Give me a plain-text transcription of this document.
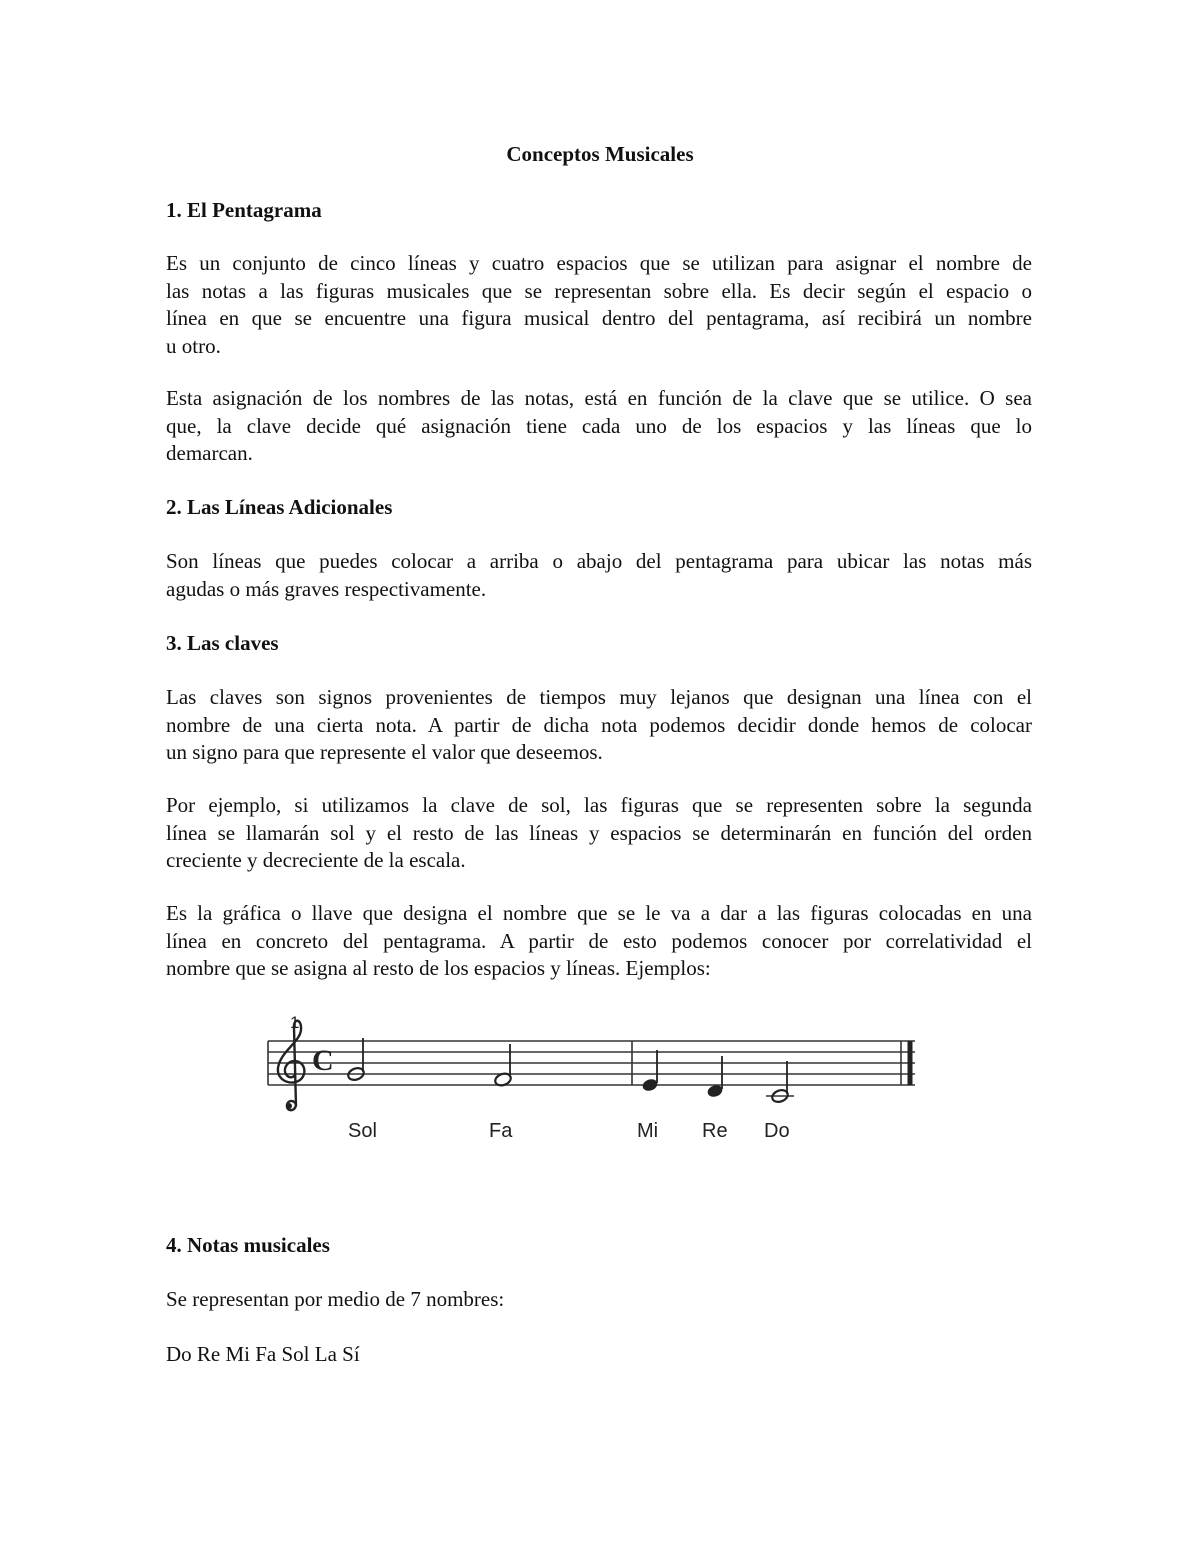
Conceptos Musicales
1. El Pentagrama
Es un conjunto de cinco líneas y cuatro espacios que se utilizan para asignar el nombre de
las notas a las figuras musicales que se representan sobre ella. Es decir según el espacio o
línea en que se encuentre una figura musical dentro del pentagrama, así recibirá un nombre
u otro.
Esta asignación de los nombres de las notas, está en función de la clave que se utilice. O sea
que, la clave decide qué asignación tiene cada uno de los espacios y las líneas que lo
demarcan.
2. Las Líneas Adicionales
Son líneas que puedes colocar a arriba o abajo del pentagrama para ubicar las notas más
agudas o más graves respectivamente.
3. Las claves
Las claves son signos provenientes de tiempos muy lejanos que designan una línea con el
nombre de una cierta nota. A partir de dicha nota podemos decidir donde hemos de colocar
un signo para que represente el valor que deseemos.
Por ejemplo, si utilizamos la clave de sol, las figuras que se representen sobre la segunda
línea se llamarán sol y el resto de las líneas y espacios se determinarán en función del orden
creciente y decreciente de la escala.
Es la gráfica o llave que designa el nombre que se le va a dar a las figuras colocadas en una
línea en concreto del pentagrama. A partir de esto podemos conocer por correlatividad el
nombre que se asigna al resto de los espacios y líneas. Ejemplos:
1
C
Sol	Fa	Mi Re Do
4. Notas musicales
Se representan por medio de 7 nombres:
Do Re Mi Fa Sol La Sí
